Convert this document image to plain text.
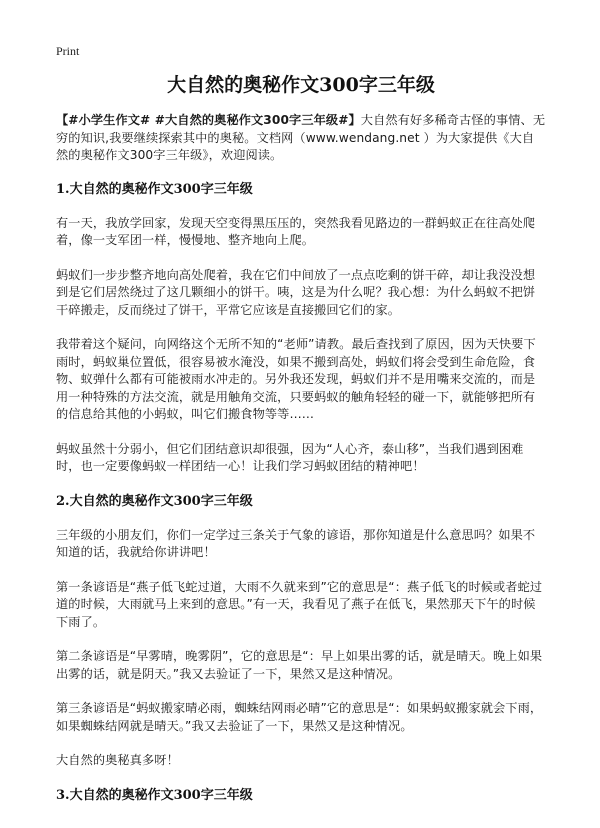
Print
大自然的奥秘作文300字三年级

【#小学生作文# #大自然的奥秘作文300字三年级#】大自然有好多稀奇古怪的事情、无穷的知识,我要继续探索其中的奥秘。文档网（www.wendang.net ）为大家提供《大自然的奥秘作文300字三年级》，欢迎阅读。

1.大自然的奥秘作文300字三年级

有一天，我放学回家，发现天空变得黑压压的，突然我看见路边的一群蚂蚁正在往高处爬着，像一支军团一样，慢慢地、整齐地向上爬。

蚂蚁们一步步整齐地向高处爬着，我在它们中间放了一点点吃剩的饼干碎，却让我没没想到是它们居然绕过了这几颗细小的饼干。咦，这是为什么呢？我心想：为什么蚂蚁不把饼干碎搬走，反而绕过了饼干，平常它应该是直接搬回它们的家。

我带着这个疑问，向网络这个无所不知的“老师”请教。最后查找到了原因，因为天快要下雨时，蚂蚁巢位置低，很容易被水淹没，如果不搬到高处，蚂蚁们将会受到生命危险，食物、蚁弹什么都有可能被雨水冲走的。另外我还发现，蚂蚁们并不是用嘴来交流的，而是用一种特殊的方法交流，就是用触角交流，只要蚂蚁的触角轻轻的碰一下，就能够把所有的信息给其他的小蚂蚁，叫它们搬食物等等……

蚂蚁虽然十分弱小，但它们团结意识却很强，因为“人心齐，泰山移”，当我们遇到困难时，也一定要像蚂蚁一样团结一心！让我们学习蚂蚁团结的精神吧！

2.大自然的奥秘作文300字三年级

三年级的小朋友们，你们一定学过三条关于气象的谚语，那你知道是什么意思吗？如果不知道的话，我就给你讲讲吧！

第一条谚语是“燕子低飞蛇过道，大雨不久就来到”它的意思是“：燕子低飞的时候或者蛇过道的时候，大雨就马上来到的意思。”有一天，我看见了燕子在低飞，果然那天下午的时候下雨了。

第二条谚语是“早雾晴，晚雾阴”，它的意思是“：早上如果出雾的话，就是晴天。晚上如果出雾的话，就是阴天。”我又去验证了一下，果然又是这种情况。

第三条谚语是“蚂蚁搬家晴必雨，蜘蛛结网雨必晴”它的意思是“：如果蚂蚁搬家就会下雨，如果蜘蛛结网就是晴天。”我又去验证了一下，果然又是这种情况。

大自然的奥秘真多呀！

3.大自然的奥秘作文300字三年级
